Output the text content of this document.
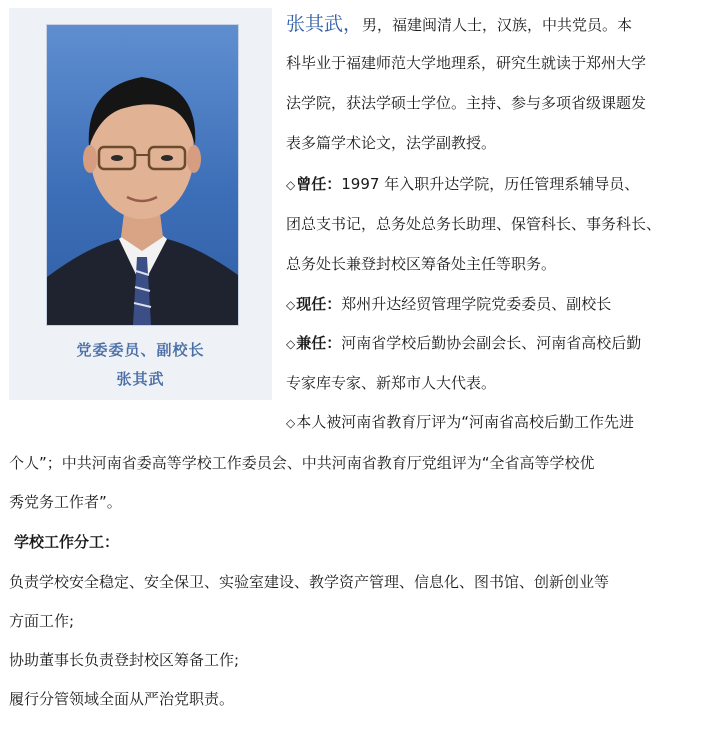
党委委员、副校长
张其武
张其武，男，福建闽清人士，汉族，中共党员。本
科毕业于福建师范大学地理系，研究生就读于郑州大学
法学院，获法学硕士学位。主持、参与多项省级课题发
表多篇学术论文，法学副教授。
◇曾任：1997 年入职升达学院，历任管理系辅导员、
团总支书记，总务处总务长助理、保管科长、事务科长、
总务处长兼登封校区筹备处主任等职务。
◇现任：郑州升达经贸管理学院党委委员、副校长
◇兼任：河南省学校后勤协会副会长、河南省高校后勤
专家库专家、新郑市人大代表。
◇本人被河南省教育厅评为“河南省高校后勤工作先进
个人”；中共河南省委高等学校工作委员会、中共河南省教育厅党组评为“全省高等学校优
秀党务工作者”。
学校工作分工：
负责学校安全稳定、安全保卫、实验室建设、教学资产管理、信息化、图书馆、创新创业等
方面工作;
协助董事长负责登封校区筹备工作;
履行分管领域全面从严治党职责。
